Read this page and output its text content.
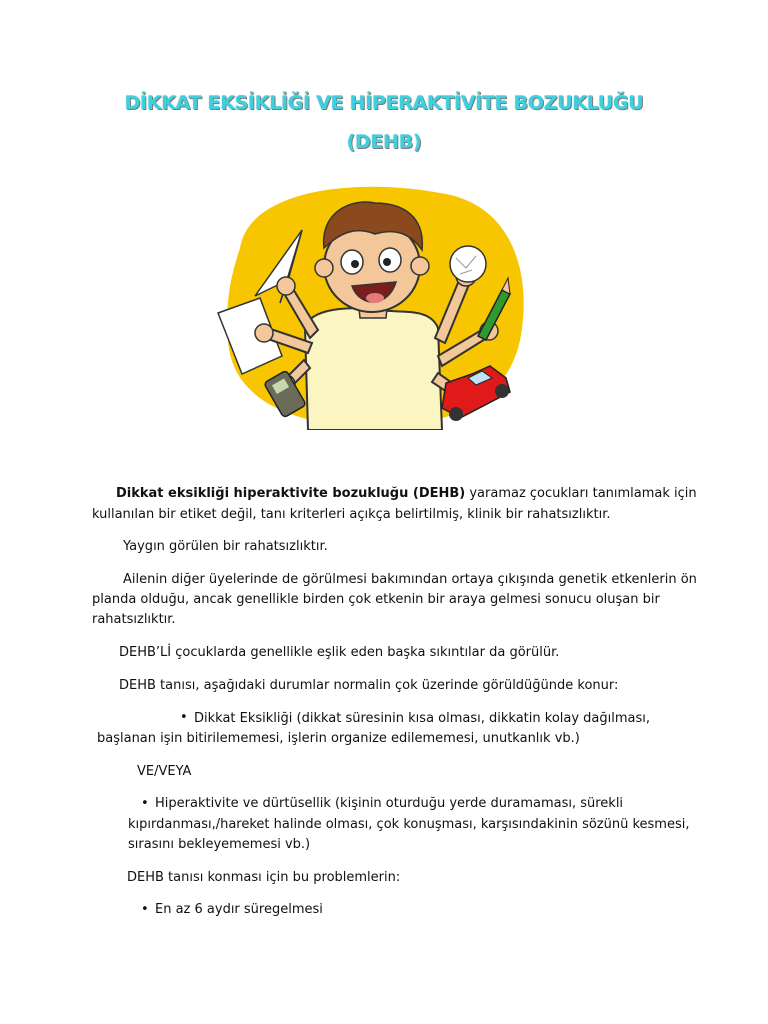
DİKKAT EKSİKLİĞİ VE HİPERAKTİVİTE BOZUKLUĞU
(DEHB)

Dikkat eksikliği hiperaktivite bozukluğu (DEHB) yaramaz çocukları tanımlamak için

kullanılan bir etiket değil, tanı kriterleri açıkça belirtilmiş, klinik bir rahatsızlıktır.

Yaygın görülen bir rahatsızlıktır.

Ailenin diğer üyelerinde de görülmesi bakımından ortaya çıkışında genetik etkenlerin ön

planda olduğu, ancak genellikle birden çok etkenin bir araya gelmesi sonucu oluşan bir

rahatsızlıktır.

DEHB’Lİ çocuklarda genellikle eşlik eden başka sıkıntılar da görülür.

DEHB tanısı, aşağıdaki durumlar normalin çok üzerinde görüldüğünde konur:

• Dikkat Eksikliği (dikkat süresinin kısa olması, dikkatin kolay dağılması,

başlanan işin bitirilememesi, işlerin organize edilememesi, unutkanlık vb.)

VE/VEYA

• Hiperaktivite ve dürtüsellik (kişinin oturduğu yerde duramaması, sürekli

kıpırdanması,/hareket halinde olması, çok konuşması, karşısındakinin sözünü kesmesi,

sırasını bekleyememesi vb.)

DEHB tanısı konması için bu problemlerin:

• En az 6 aydır süregelmesi
